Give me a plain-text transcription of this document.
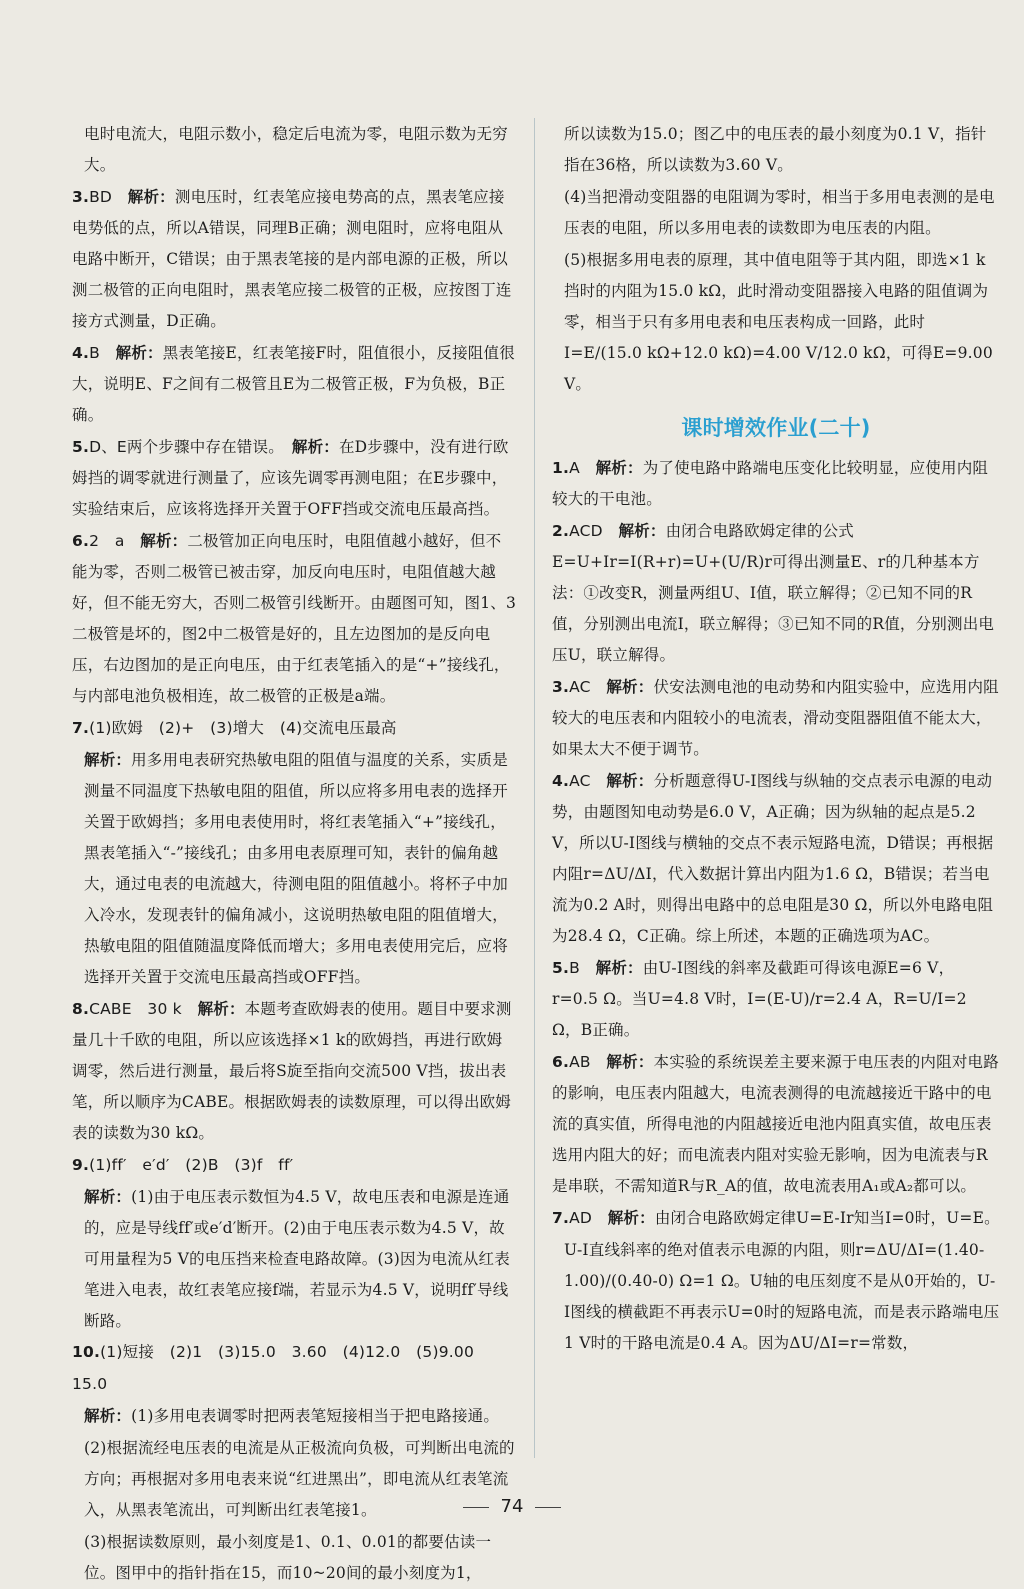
电时电流大，电阻示数小，稳定后电流为零，电阻示数为无穷大。

3.BD　 解析：测电压时，红表笔应接电势高的点，黑表笔应接电势低的点，所以A错误，同理B正确；测电阻时，应将电阻从电路中断开，C错误；由于黑表笔接的是内部电源的正极，所以测二极管的正向电阻时，黑表笔应接二极管的正极，应按图丁连接方式测量，D正确。

4.B　 解析：黑表笔接E，红表笔接F时，阻值很小，反接阻值很大，说明E、F之间有二极管且E为二极管正极，F为负极，B正确。

5.D、E两个步骤中存在错误。　 解析：在D步骤中，没有进行欧姆挡的调零就进行测量了，应该先调零再测电阻；在E步骤中，实验结束后，应该将选择开关置于OFF挡或交流电压最高挡。

6.2　a　 解析：二极管加正向电压时，电阻值越小越好，但不能为零，否则二极管已被击穿，加反向电压时，电阻值越大越好，但不能无穷大，否则二极管引线断开。由题图可知，图1、3二极管是坏的，图2中二极管是好的，且左边图加的是反向电压，右边图加的是正向电压，由于红表笔插入的是“+”接线孔，与内部电池负极相连，故二极管的正极是a端。

7.(1)欧姆　(2)+　(3)增大　(4)交流电压最高　

解析：用多用电表研究热敏电阻的阻值与温度的关系，实质是测量不同温度下热敏电阻的阻值，所以应将多用电表的选择开关置于欧姆挡；多用电表使用时，将红表笔插入“+”接线孔，黑表笔插入“-”接线孔；由多用电表原理可知，表针的偏角越大，通过电表的电流越大，待测电阻的阻值越小。将杯子中加入冷水，发现表针的偏角减小，这说明热敏电阻的阻值增大，热敏电阻的阻值随温度降低而增大；多用电表使用完后，应将选择开关置于交流电压最高挡或OFF挡。

8.CABE　30 k　 解析：本题考查欧姆表的使用。题目中要求测量几十千欧的电阻，所以应该选择×1 k的欧姆挡，再进行欧姆调零，然后进行测量，最后将S旋至指向交流500 V挡，拔出表笔，所以顺序为CABE。根据欧姆表的读数原理，可以得出欧姆表的读数为30 kΩ。

9.(1)ff′　e′d′　(2)B　(3)f　ff′　

解析：(1)由于电压表示数恒为4.5 V，故电压表和电源是连通的，应是导线ff′或e′d′断开。(2)由于电压表示数为4.5 V，故可用量程为5 V的电压挡来检查电路故障。(3)因为电流从红表笔进入电表，故红表笔应接f端，若显示为4.5 V，说明ff′导线断路。

10.(1)短接　(2)1　(3)15.0　3.60　(4)12.0　(5)9.00　15.0　

解析：(1)多用电表调零时把两表笔短接相当于把电路接通。

(2)根据流经电压表的电流是从正极流向负极，可判断出电流的方向；再根据对多用电表来说“红进黑出”，即电流从红表笔流入，从黑表笔流出，可判断出红表笔接1。

(3)根据读数原则，最小刻度是1、0.1、0.01的都要估读一位。图甲中的指针指在15，而10~20间的最小刻度为1，

所以读数为15.0；图乙中的电压表的最小刻度为0.1 V，指针指在36格，所以读数为3.60 V。

(4)当把滑动变阻器的电阻调为零时，相当于多用电表测的是电压表的电阻，所以多用电表的读数即为电压表的内阻。

(5)根据多用电表的原理，其中值电阻等于其内阻，即选×1 k挡时的内阻为15.0 kΩ，此时滑动变阻器接入电路的阻值调为零，相当于只有多用电表和电压表构成一回路，此时I=E/(15.0 kΩ+12.0 kΩ)=4.00 V/12.0 kΩ，可得E=9.00 V。

课时增效作业(二十)

1.A　 解析：为了使电路中路端电压变化比较明显，应使用内阻较大的干电池。

2.ACD　 解析：由闭合电路欧姆定律的公式E=U+Ir=I(R+r)=U+(U/R)r可得出测量E、r的几种基本方法：①改变R，测量两组U、I值，联立解得；②已知不同的R值，分别测出电流I，联立解得；③已知不同的R值，分别测出电压U，联立解得。

3.AC　 解析：伏安法测电池的电动势和内阻实验中，应选用内阻较大的电压表和内阻较小的电流表，滑动变阻器阻值不能太大，如果太大不便于调节。

4.AC　 解析：分析题意得U-I图线与纵轴的交点表示电源的电动势，由题图知电动势是6.0 V，A正确；因为纵轴的起点是5.2 V，所以U-I图线与横轴的交点不表示短路电流，D错误；再根据内阻r=ΔU/ΔI，代入数据计算出内阻为1.6 Ω，B错误；若当电流为0.2 A时，则得出电路中的总电阻是30 Ω，所以外电路电阻为28.4 Ω，C正确。综上所述，本题的正确选项为AC。

5.B　 解析：由U-I图线的斜率及截距可得该电源E=6 V，r=0.5 Ω。当U=4.8 V时，I=(E-U)/r=2.4 A，R=U/I=2 Ω，B正确。

6.AB　 解析：本实验的系统误差主要来源于电压表的内阻对电路的影响，电压表内阻越大，电流表测得的电流越接近干路中的电流的真实值，所得电池的内阻越接近电池内阻真实值，故电压表选用内阻大的好；而电流表内阻对实验无影响，因为电流表与R是串联，不需知道R与R_A的值，故电流表用A₁或A₂都可以。

7.AD　 解析：由闭合电路欧姆定律U=E-Ir知当I=0时，U=E。

U-I直线斜率的绝对值表示电源的内阻，则r=ΔU/ΔI=(1.40-1.00)/(0.40-0) Ω=1 Ω。U轴的电压刻度不是从0开始的，U-I图线的横截距不再表示U=0时的短路电流，而是表示路端电压1 V时的干路电流是0.4 A。因为ΔU/ΔI=r=常数，

74
